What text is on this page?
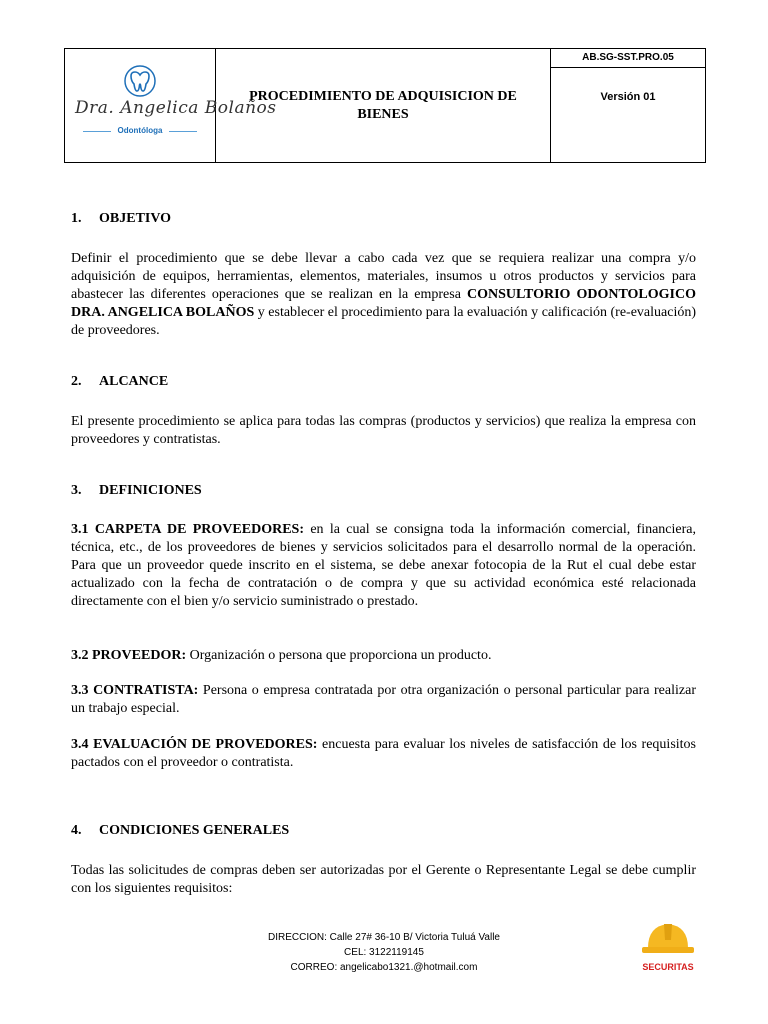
Dra. Angelica Bolaños
Odontóloga

PROCEDIMIENTO DE ADQUISICION DE
BIENES

AB.SG-SST.PRO.05
Versión 01
1. OBJETIVO
Definir el procedimiento que se debe llevar a cabo cada vez que se requiera realizar una compra y/o adquisición de equipos, herramientas, elementos, materiales, insumos u otros productos y servicios para abastecer las diferentes operaciones que se realizan en la empresa CONSULTORIO ODONTOLOGICO DRA. ANGELICA BOLAÑOS y establecer el procedimiento para la evaluación y calificación (re-evaluación) de proveedores.
2. ALCANCE
El presente procedimiento se aplica para todas las compras (productos y servicios) que realiza la empresa con proveedores y contratistas.
3. DEFINICIONES
3.1 CARPETA DE PROVEEDORES: en la cual se consigna toda la información comercial, financiera, técnica, etc., de los proveedores de bienes y servicios solicitados para el desarrollo normal de la operación. Para que un proveedor quede inscrito en el sistema, se debe anexar fotocopia de la Rut el cual debe estar actualizado con la fecha de contratación o de compra y que su actividad económica esté relacionada directamente con el bien y/o servicio suministrado o prestado.
3.2 PROVEEDOR: Organización o persona que proporciona un producto.
3.3 CONTRATISTA: Persona o empresa contratada por otra organización o personal particular para realizar un trabajo especial.
3.4 EVALUACIÓN DE PROVEDORES: encuesta para evaluar los niveles de satisfacción de los requisitos pactados con el proveedor o contratista.
4. CONDICIONES GENERALES
Todas las solicitudes de compras deben ser autorizadas por el Gerente o Representante Legal se debe cumplir con los siguientes requisitos:
DIRECCION: Calle 27# 36-10 B/ Victoria Tuluá Valle
CEL: 3122119145
CORREO: angelicabo1321.@hotmail.com	SECURITAS
